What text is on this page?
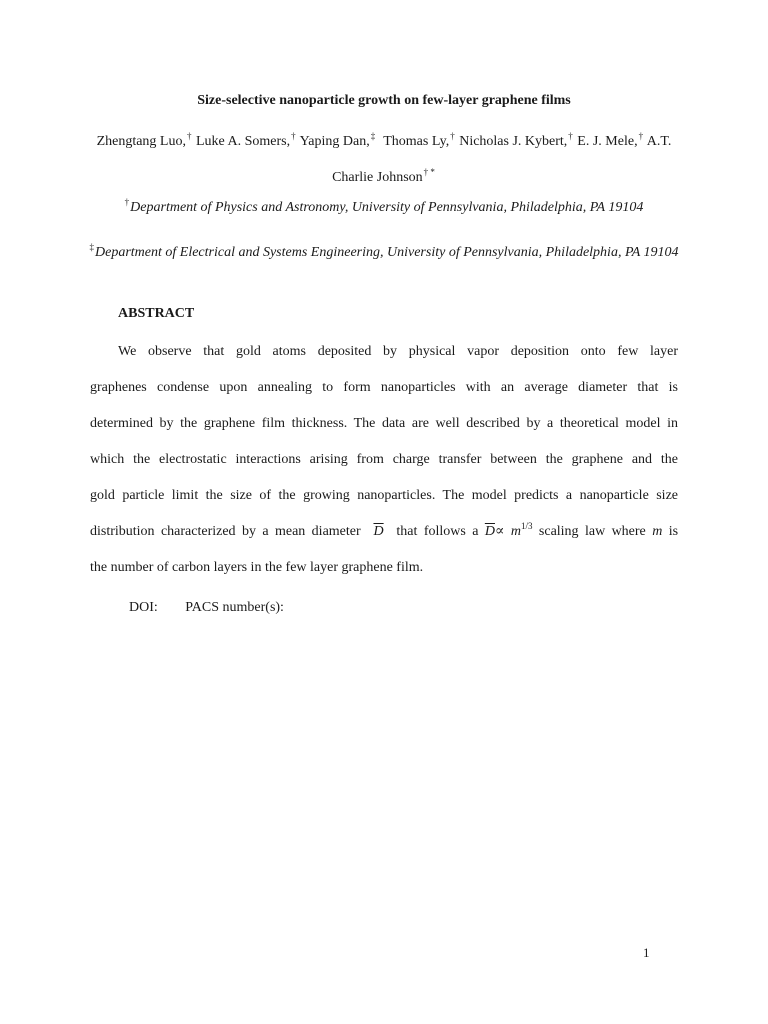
Size-selective nanoparticle growth on few-layer graphene films
Zhengtang Luo,† Luke A. Somers,† Yaping Dan,‡ Thomas Ly,† Nicholas J. Kybert,† E. J. Mele,† A.T. Charlie Johnson† *
†Department of Physics and Astronomy, University of Pennsylvania, Philadelphia, PA 19104
‡Department of Electrical and Systems Engineering, University of Pennsylvania, Philadelphia, PA 19104
ABSTRACT
We observe that gold atoms deposited by physical vapor deposition onto few layer
graphenes condense upon annealing to form nanoparticles with an average diameter that is
determined by the graphene film thickness. The data are well described by a theoretical model in
which the electrostatic interactions arising from charge transfer between the graphene and the
gold particle limit the size of the growing nanoparticles. The model predicts a nanoparticle size
distribution characterized by a mean diameter $\overline{D}$ that follows a $\overline{D}\propto m^{1/3}$ scaling law where m is
the number of carbon layers in the few layer graphene film.
DOI: PACS number(s):
1
